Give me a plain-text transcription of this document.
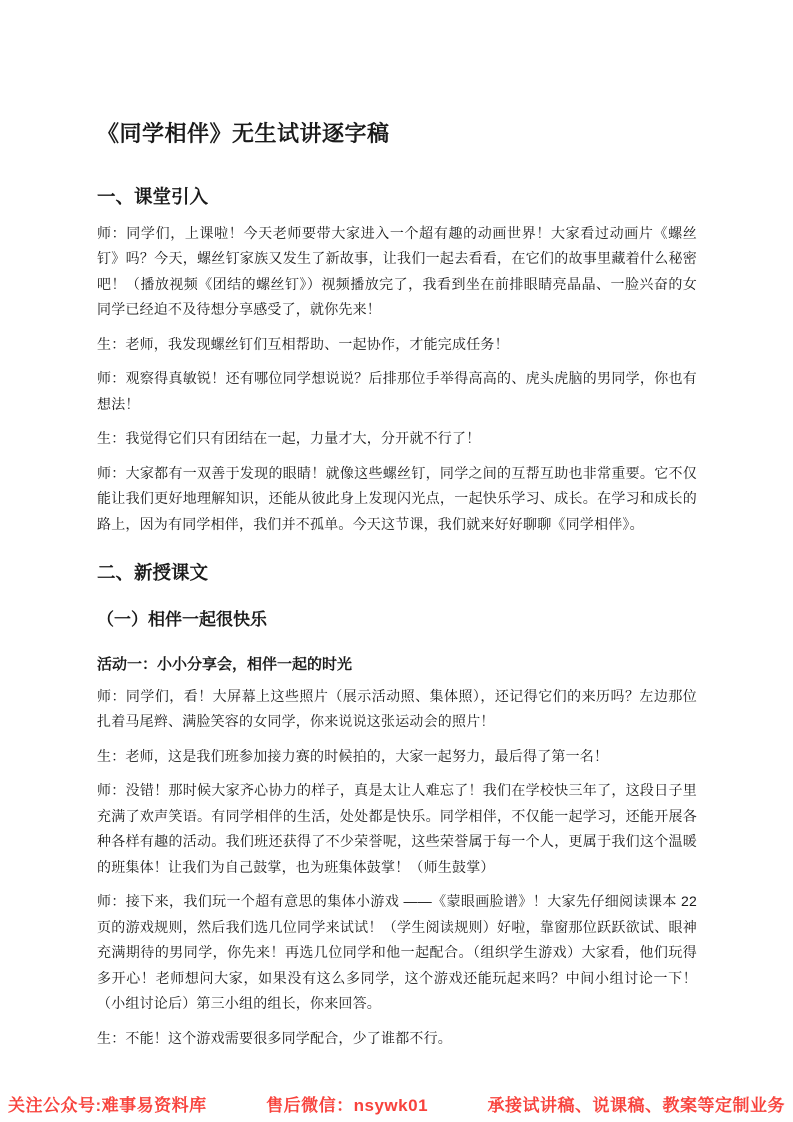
《同学相伴》无生试讲逐字稿
一、课堂引入

师：同学们，上课啦！今天老师要带大家进入一个超有趣的动画世界！大家看过动画片《螺丝钉》吗？今天，螺丝钉家族又发生了新故事，让我们一起去看看，在它们的故事里藏着什么秘密吧！（播放视频《团结的螺丝钉》）视频播放完了，我看到坐在前排眼睛亮晶晶、一脸兴奋的女同学已经迫不及待想分享感受了，就你先来！

生：老师，我发现螺丝钉们互相帮助、一起协作，才能完成任务！

师：观察得真敏锐！还有哪位同学想说说？后排那位手举得高高的、虎头虎脑的男同学，你也有想法！

生：我觉得它们只有团结在一起，力量才大，分开就不行了！

师：大家都有一双善于发现的眼睛！就像这些螺丝钉，同学之间的互帮互助也非常重要。它不仅能让我们更好地理解知识，还能从彼此身上发现闪光点，一起快乐学习、成长。在学习和成长的路上，因为有同学相伴，我们并不孤单。今天这节课，我们就来好好聊聊《同学相伴》。

二、新授课文
（一）相伴一起很快乐
活动一：小小分享会，相伴一起的时光

师：同学们，看！大屏幕上这些照片（展示活动照、集体照），还记得它们的来历吗？左边那位扎着马尾辫、满脸笑容的女同学，你来说说这张运动会的照片！

生：老师，这是我们班参加接力赛的时候拍的，大家一起努力，最后得了第一名！

师：没错！那时候大家齐心协力的样子，真是太让人难忘了！我们在学校快三年了，这段日子里充满了欢声笑语。有同学相伴的生活，处处都是快乐。同学相伴，不仅能一起学习，还能开展各种各样有趣的活动。我们班还获得了不少荣誉呢，这些荣誉属于每一个人，更属于我们这个温暖的班集体！让我们为自己鼓掌，也为班集体鼓掌！（师生鼓掌）

师：接下来，我们玩一个超有意思的集体小游戏 ——《蒙眼画脸谱》！大家先仔细阅读课本 22 页的游戏规则，然后我们选几位同学来试试！（学生阅读规则）好啦，靠窗那位跃跃欲试、眼神充满期待的男同学，你先来！再选几位同学和他一起配合。（组织学生游戏）大家看，他们玩得多开心！老师想问大家，如果没有这么多同学，这个游戏还能玩起来吗？中间小组讨论一下！（小组讨论后）第三小组的组长，你来回答。

生：不能！这个游戏需要很多同学配合，少了谁都不行。

关注公众号:难事易资料库	售后微信：nsywk01	承接试讲稿、说课稿、教案等定制业务
